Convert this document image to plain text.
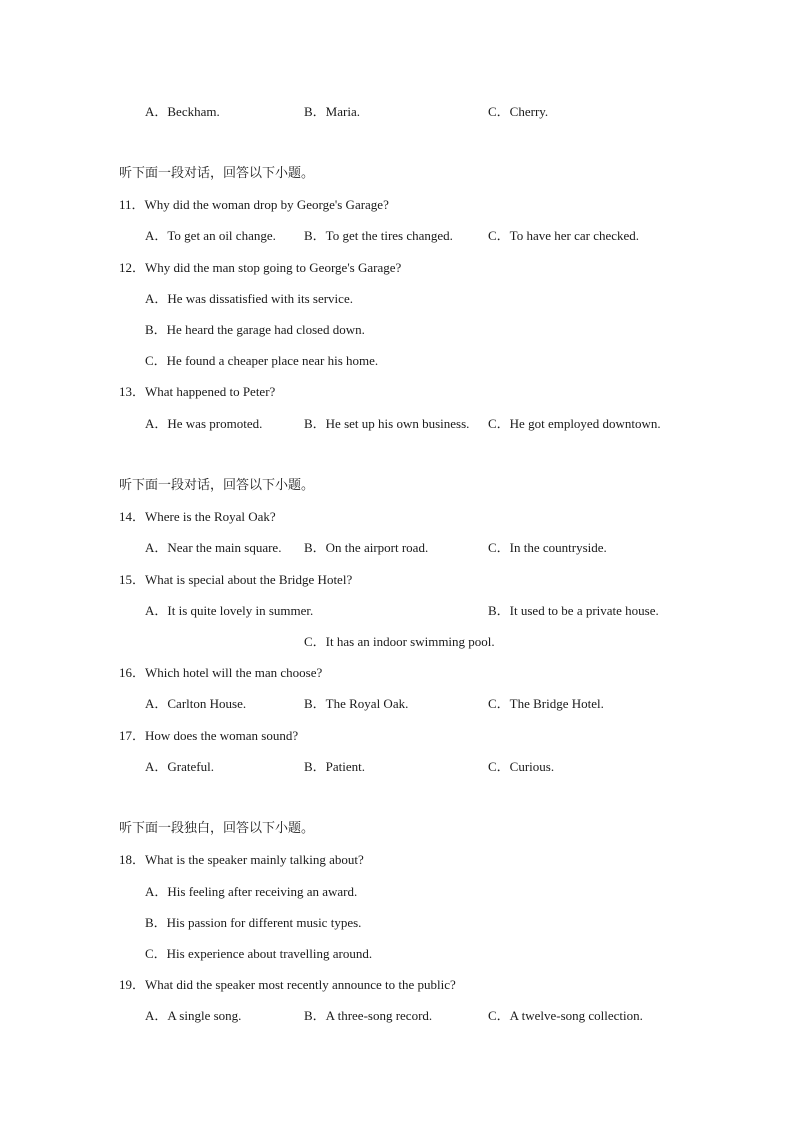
A．Beckham.	B．Maria.	C．Cherry.
听下面一段对话，回答以下小题。
11．Why did the woman drop by George's Garage?
A．To get an oil change. B．To get the tires changed.	C．To have her car checked.
12．Why did the man stop going to George's Garage?
A．He was dissatisfied with its service.
B．He heard the garage had closed down.
C．He found a cheaper place near his home.
13．What happened to Peter?
A．He was promoted.	B．He set up his own business. C．He got employed downtown.
听下面一段对话，回答以下小题。
14．Where is the Royal Oak?
A．Near the main square. B．On the airport road.	C．In the countryside.
15．What is special about the Bridge Hotel?
A．It is quite lovely in summer.	B．It used to be a private house.
C．It has an indoor swimming pool.
16．Which hotel will the man choose?
A．Carlton House.	B．The Royal Oak.	C．The Bridge Hotel.
17．How does the woman sound?
A．Grateful.	B．Patient.	C．Curious.
听下面一段独白，回答以下小题。
18．What is the speaker mainly talking about?
A．His feeling after receiving an award.
B．His passion for different music types.
C．His experience about travelling around.
19．What did the speaker most recently announce to the public?
A．A single song.	B．A three-song record.	C．A twelve-song collection.
